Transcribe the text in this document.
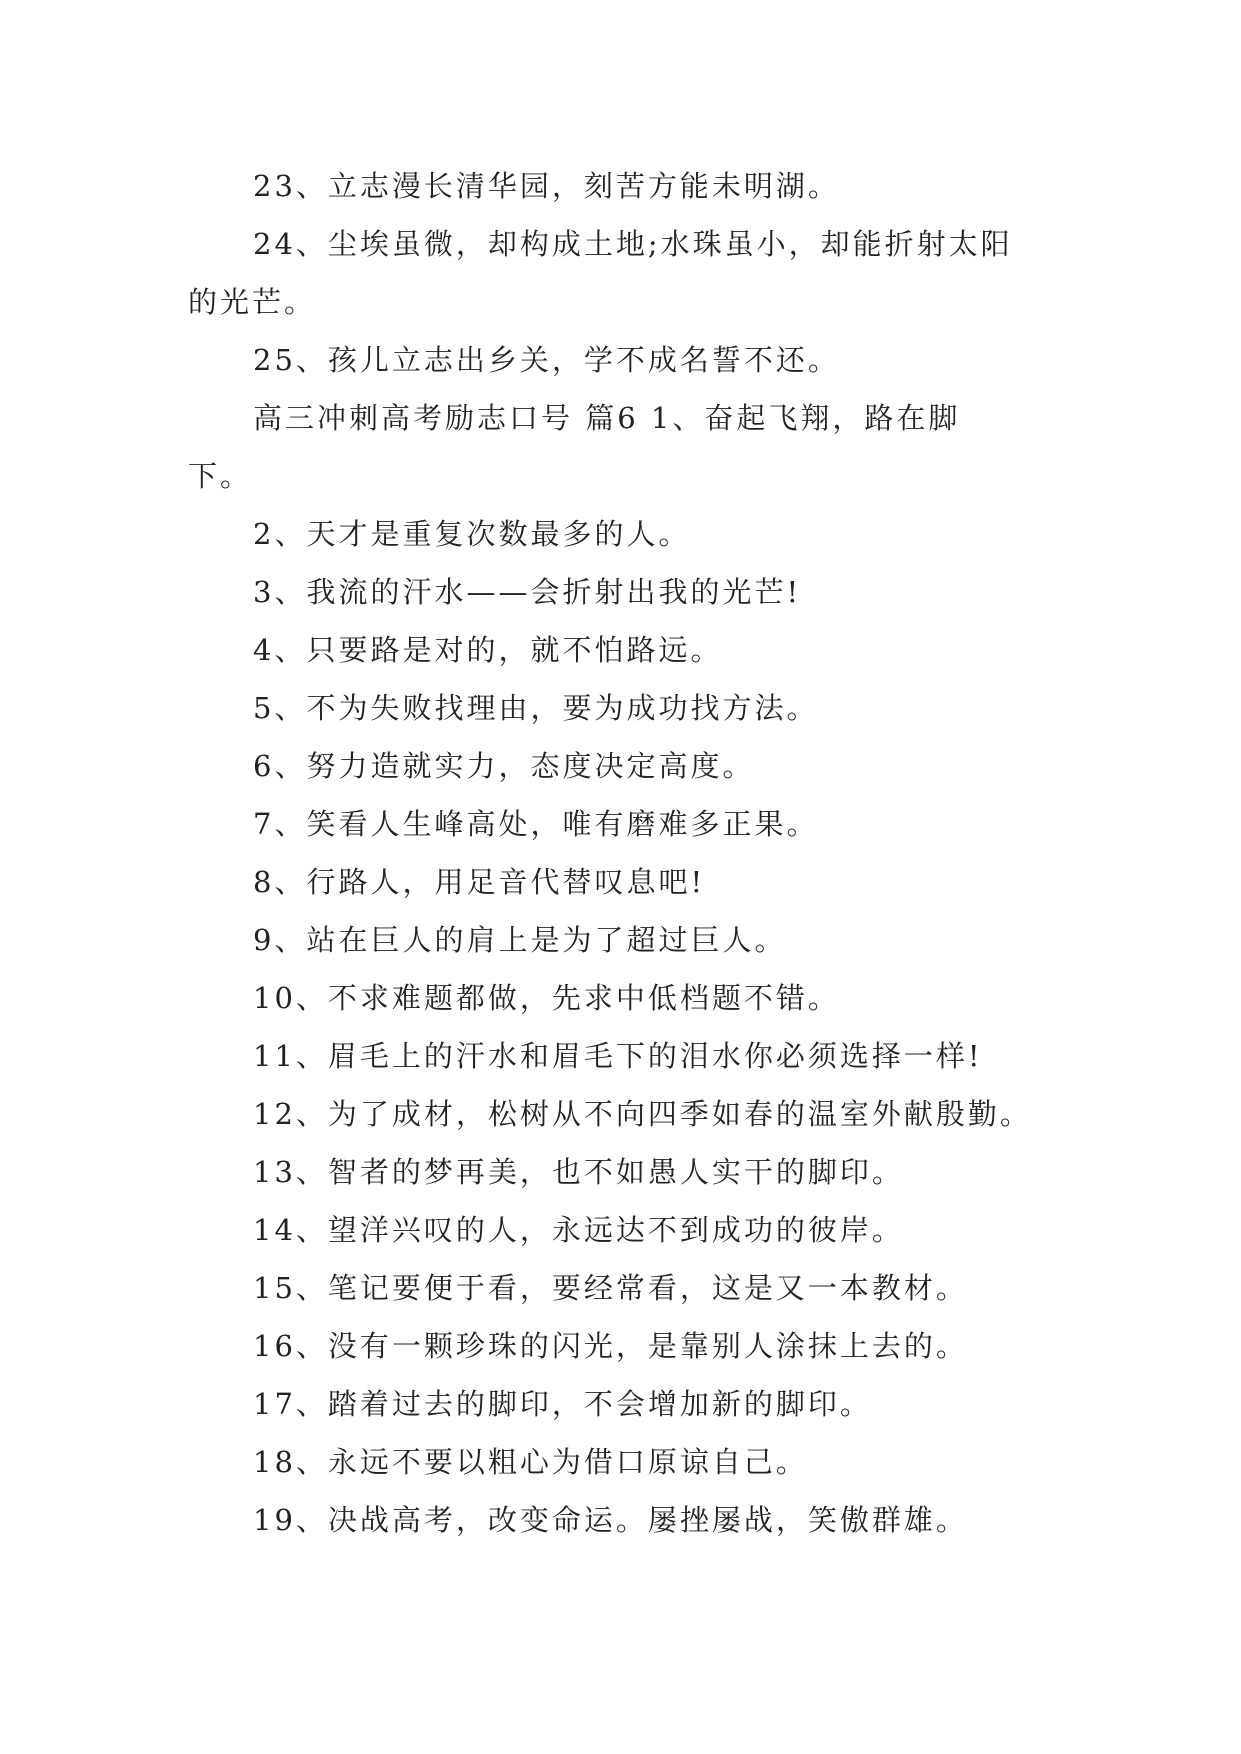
23、立志漫长清华园，刻苦方能未明湖。
24、尘埃虽微，却构成土地;水珠虽小，却能折射太阳
的光芒。
25、孩儿立志出乡关，学不成名誓不还。
高三冲刺高考励志口号 篇6 1、奋起飞翔，路在脚
下。
2、天才是重复次数最多的人。
3、我流的汗水——会折射出我的光芒!
4、只要路是对的，就不怕路远。
5、不为失败找理由，要为成功找方法。
6、努力造就实力，态度决定高度。
7、笑看人生峰高处，唯有磨难多正果。
8、行路人，用足音代替叹息吧!
9、站在巨人的肩上是为了超过巨人。
10、不求难题都做，先求中低档题不错。
11、眉毛上的汗水和眉毛下的泪水你必须选择一样!
12、为了成材，松树从不向四季如春的温室外献殷勤。
13、智者的梦再美，也不如愚人实干的脚印。
14、望洋兴叹的人，永远达不到成功的彼岸。
15、笔记要便于看，要经常看，这是又一本教材。
16、没有一颗珍珠的闪光，是靠别人涂抹上去的。
17、踏着过去的脚印，不会增加新的脚印。
18、永远不要以粗心为借口原谅自己。
19、决战高考，改变命运。屡挫屡战，笑傲群雄。
